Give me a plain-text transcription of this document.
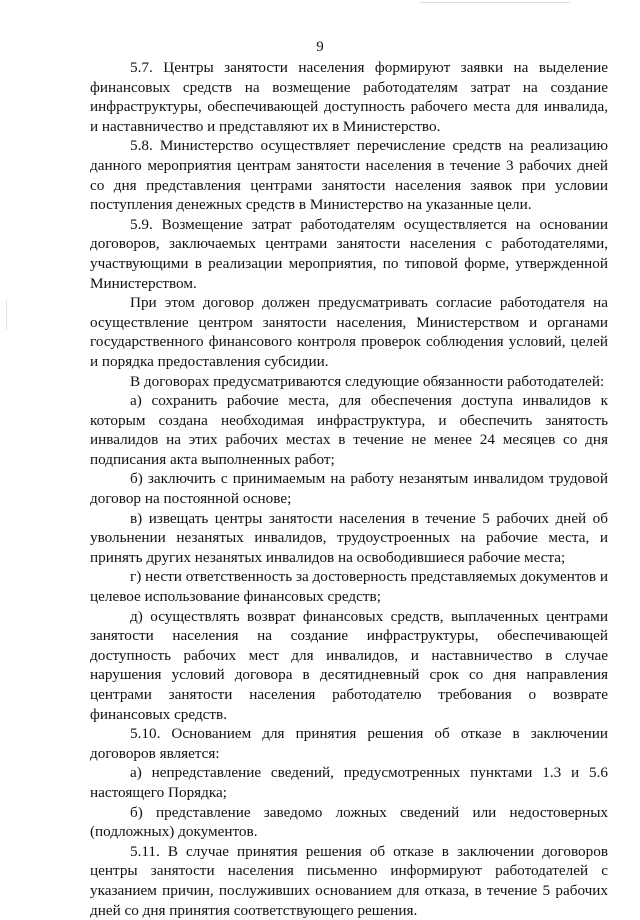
9

5.7. Центры занятости населения формируют заявки на выделение финансовых средств на возмещение работодателям затрат на создание инфраструктуры, обеспечивающей доступность рабочего места для инвалида, и наставничество и представляют их в Министерство.

5.8. Министерство осуществляет перечисление средств на реализацию данного мероприятия центрам занятости населения в течение 3 рабочих дней со дня представления центрами занятости населения заявок при условии поступления денежных средств в Министерство на указанные цели.

5.9. Возмещение затрат работодателям осуществляется на основании договоров, заключаемых центрами занятости населения с работодателями, участвующими в реализации мероприятия, по типовой форме, утвержденной Министерством.

При этом договор должен предусматривать согласие работодателя на осуществление центром занятости населения, Министерством и органами государственного финансового контроля проверок соблюдения условий, целей и порядка предоставления субсидии.

В договорах предусматриваются следующие обязанности работодателей:

а) сохранить рабочие места, для обеспечения доступа инвалидов к которым создана необходимая инфраструктура, и обеспечить занятость инвалидов на этих рабочих местах в течение не менее 24 месяцев со дня подписания акта выполненных работ;

б) заключить с принимаемым на работу незанятым инвалидом трудовой договор на постоянной основе;

в) извещать центры занятости населения в течение 5 рабочих дней об увольнении незанятых инвалидов, трудоустроенных на рабочие места, и принять других незанятых инвалидов на освободившиеся рабочие места;

г) нести ответственность за достоверность представляемых документов и целевое использование финансовых средств;

д) осуществлять возврат финансовых средств, выплаченных центрами занятости населения на создание инфраструктуры, обеспечивающей доступность рабочих мест для инвалидов, и наставничество в случае нарушения условий договора в десятидневный срок со дня направления центрами занятости населения работодателю требования о возврате финансовых средств.

5.10. Основанием для принятия решения об отказе в заключении договоров является:

а) непредставление сведений, предусмотренных пунктами 1.3 и 5.6 настоящего Порядка;

б) представление заведомо ложных сведений или недостоверных (подложных) документов.

5.11. В случае принятия решения об отказе в заключении договоров центры занятости населения письменно информируют работодателей с указанием причин, послуживших основанием для отказа, в течение 5 рабочих дней со дня принятия соответствующего решения.
